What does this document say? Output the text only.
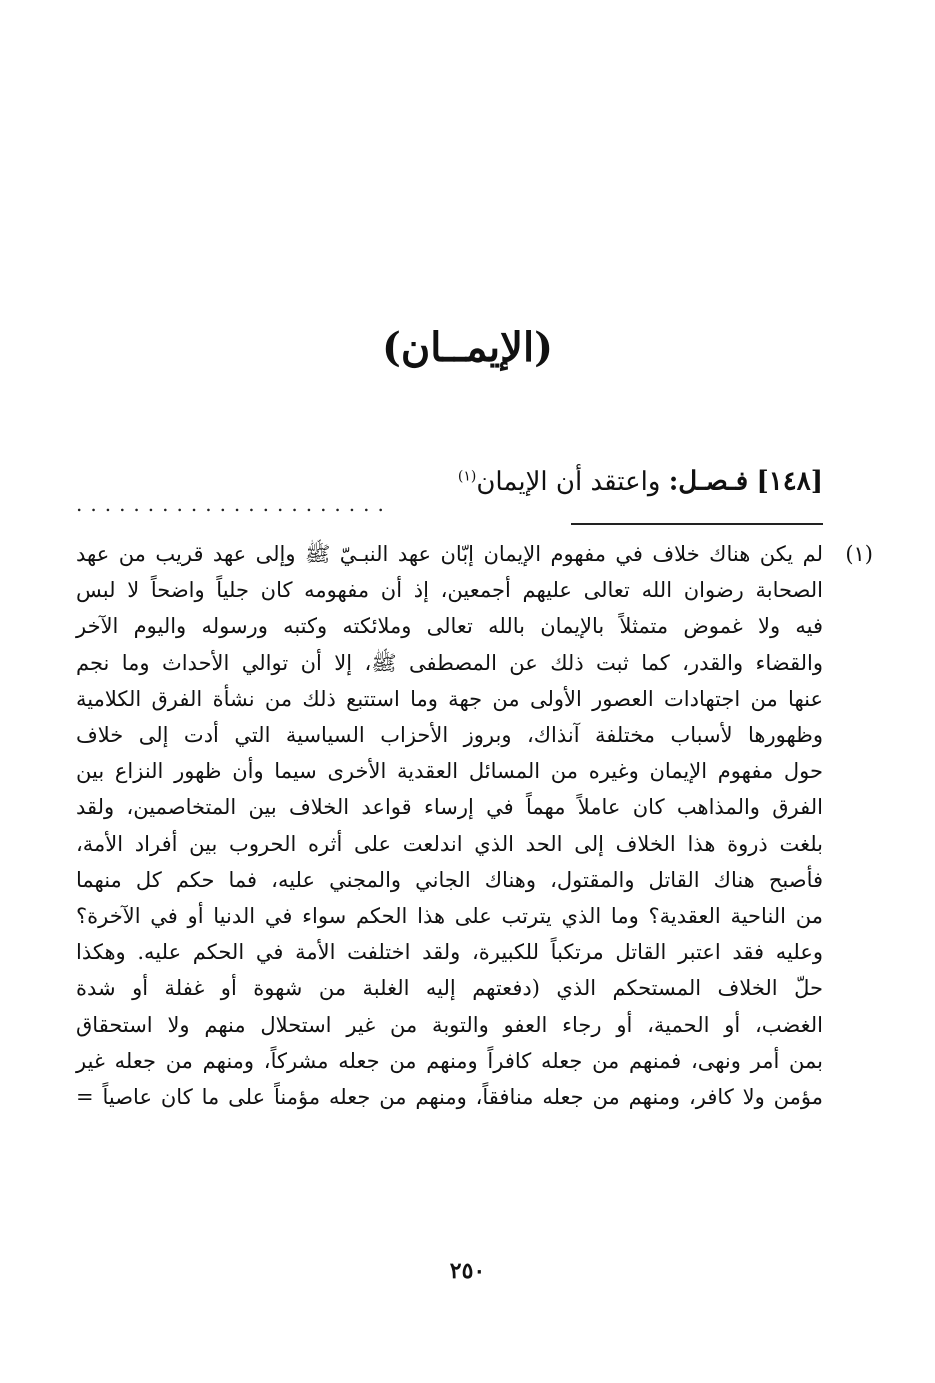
(الإيمــان)
[١٤٨] فـصـل: واعتقد أن الإيمان$^{(١)}$
......................
(١)
لم يكن هناك خلاف في مفهوم الإيمان إبّان عهد النبـيّ ﷺ وإلى عهد قريب من عهد
الصحابة رضوان الله تعالى عليهم أجمعين، إذ أن مفهومه كان جلياً واضحاً لا لبس
فيه ولا غموض متمثلاً بالإيمان بالله تعالى وملائكته وكتبه ورسوله واليوم الآخر
والقضاء والقدر، كما ثبت ذلك عن المصطفى ﷺ، إلا أن توالي الأحداث وما نجم
عنها من اجتهادات العصور الأولى من جهة وما استتبع ذلك من نشأة الفرق الكلامية
وظهورها لأسباب مختلفة آنذاك، وبروز الأحزاب السياسية التي أدت إلى خلاف
حول مفهوم الإيمان وغيره من المسائل العقدية الأخرى سيما وأن ظهور النزاع بين
الفرق والمذاهب كان عاملاً مهماً في إرساء قواعد الخلاف بين المتخاصمين، ولقد
بلغت ذروة هذا الخلاف إلى الحد الذي اندلعت على أثره الحروب بين أفراد الأمة،
فأصبح هناك القاتل والمقتول، وهناك الجاني والمجني عليه، فما حكم كل منهما
من الناحية العقدية؟ وما الذي يترتب على هذا الحكم سواء في الدنيا أو في الآخرة؟
وعليه فقد اعتبر القاتل مرتكباً للكبيرة، ولقد اختلفت الأمة في الحكم عليه. وهكذا
حلّ الخلاف المستحكم الذي (دفعتهم إليه الغلبة من شهوة أو غفلة أو شدة
الغضب، أو الحمية، أو رجاء العفو والتوبة من غير استحلال منهم ولا استحقاق
بمن أمر ونهى، فمنهم من جعله كافراً ومنهم من جعله مشركاً، ومنهم من جعله غير
مؤمن ولا كافر، ومنهم من جعله منافقاً، ومنهم من جعله مؤمناً على ما كان عاصياً =
٢٥٠
